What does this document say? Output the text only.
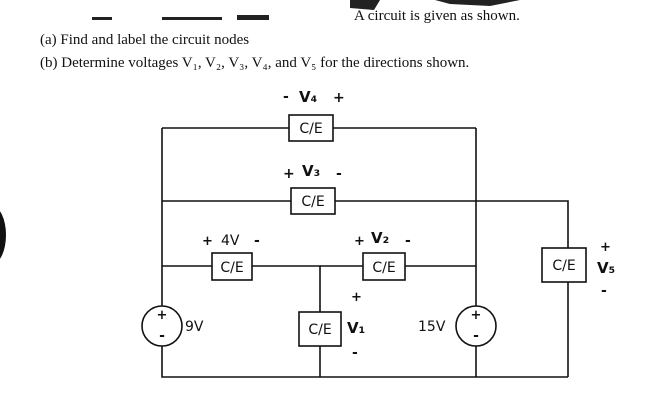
A circuit is given as shown.
(a) Find and label the circuit nodes
(b) Determine voltages V₁, V₂, V₃, V₄, and V₅ for the directions shown.
C/E
C/E
C/E	C/E
C/E
C/E
+
-
9V
+
-
15V
- V₄ +
+ V₃ -
+ 4V -	+ V₂ -
+
V₁
-
+
V₅
-
